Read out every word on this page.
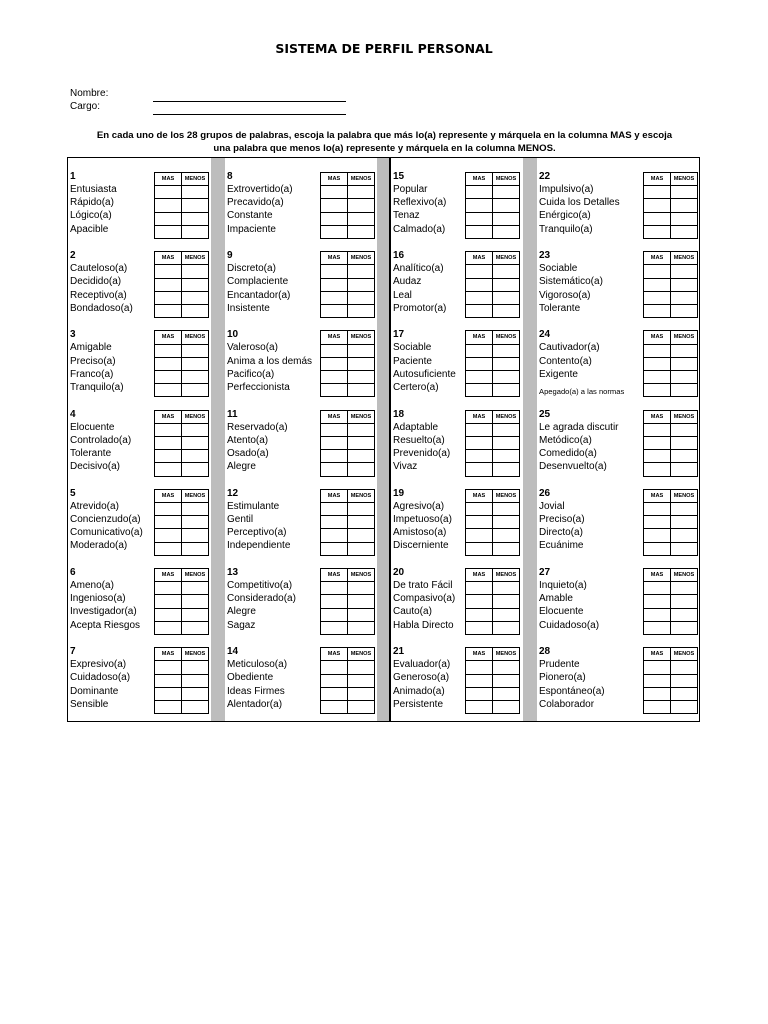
SISTEMA DE PERFIL PERSONAL
Nombre:
Cargo:
En cada uno de los 28 grupos de palabras, escoja la palabra que más lo(a) represente y márquela en la columna MAS y escoja
una palabra que menos lo(a) represente y márquela en la columna MENOS.
1
Entusiasta
Rápido(a)
Lógico(a)
Apacible
MAS	MENOS

2
Cauteloso(a)
Decidido(a)
Receptivo(a)
Bondadoso(a)
MAS	MENOS

3
Amigable
Preciso(a)
Franco(a)
Tranquilo(a)
MAS	MENOS

4
Elocuente
Controlado(a)
Tolerante
Decisivo(a)
MAS	MENOS

5
Atrevido(a)
Concienzudo(a)
Comunicativo(a)
Moderado(a)
MAS	MENOS

6
Ameno(a)
Ingenioso(a)
Investigador(a)
Acepta Riesgos
MAS	MENOS

7
Expresivo(a)
Cuidadoso(a)
Dominante
Sensible
MAS	MENOS

8
Extrovertido(a)
Precavido(a)
Constante
Impaciente
MAS	MENOS

9
Discreto(a)
Complaciente
Encantador(a)
Insistente
MAS	MENOS

10
Valeroso(a)
Anima a los demás
Pacifico(a)
Perfeccionista
MAS	MENOS

11
Reservado(a)
Atento(a)
Osado(a)
Alegre
MAS	MENOS

12
Estimulante
Gentil
Perceptivo(a)
Independiente
MAS	MENOS

13
Competitivo(a)
Considerado(a)
Alegre
Sagaz
MAS	MENOS

14
Meticuloso(a)
Obediente
Ideas Firmes
Alentador(a)
MAS	MENOS

15
Popular
Reflexivo(a)
Tenaz
Calmado(a)
MAS	MENOS

16
Analítico(a)
Audaz
Leal
Promotor(a)
MAS	MENOS

17
Sociable
Paciente
Autosuficiente
Certero(a)
MAS	MENOS

18
Adaptable
Resuelto(a)
Prevenido(a)
Vivaz
MAS	MENOS

19
Agresivo(a)
Impetuoso(a)
Amistoso(a)
Discerniente
MAS	MENOS

20
De trato Fácil
Compasivo(a)
Cauto(a)
Habla Directo
MAS	MENOS

21
Evaluador(a)
Generoso(a)
Animado(a)
Persistente
MAS	MENOS

22
Impulsivo(a)
Cuida los Detalles
Enérgico(a)
Tranquilo(a)
MAS	MENOS

23
Sociable
Sistemático(a)
Vigoroso(a)
Tolerante
MAS	MENOS

24
Cautivador(a)
Contento(a)
Exigente
Apegado(a) a las normas
MAS	MENOS

25
Le agrada discutir
Metódico(a)
Comedido(a)
Desenvuelto(a)
MAS	MENOS

26
Jovial
Preciso(a)
Directo(a)
Ecuánime
MAS	MENOS

27
Inquieto(a)
Amable
Elocuente
Cuidadoso(a)
MAS	MENOS

28
Prudente
Pionero(a)
Espontáneo(a)
Colaborador
MAS	MENOS
